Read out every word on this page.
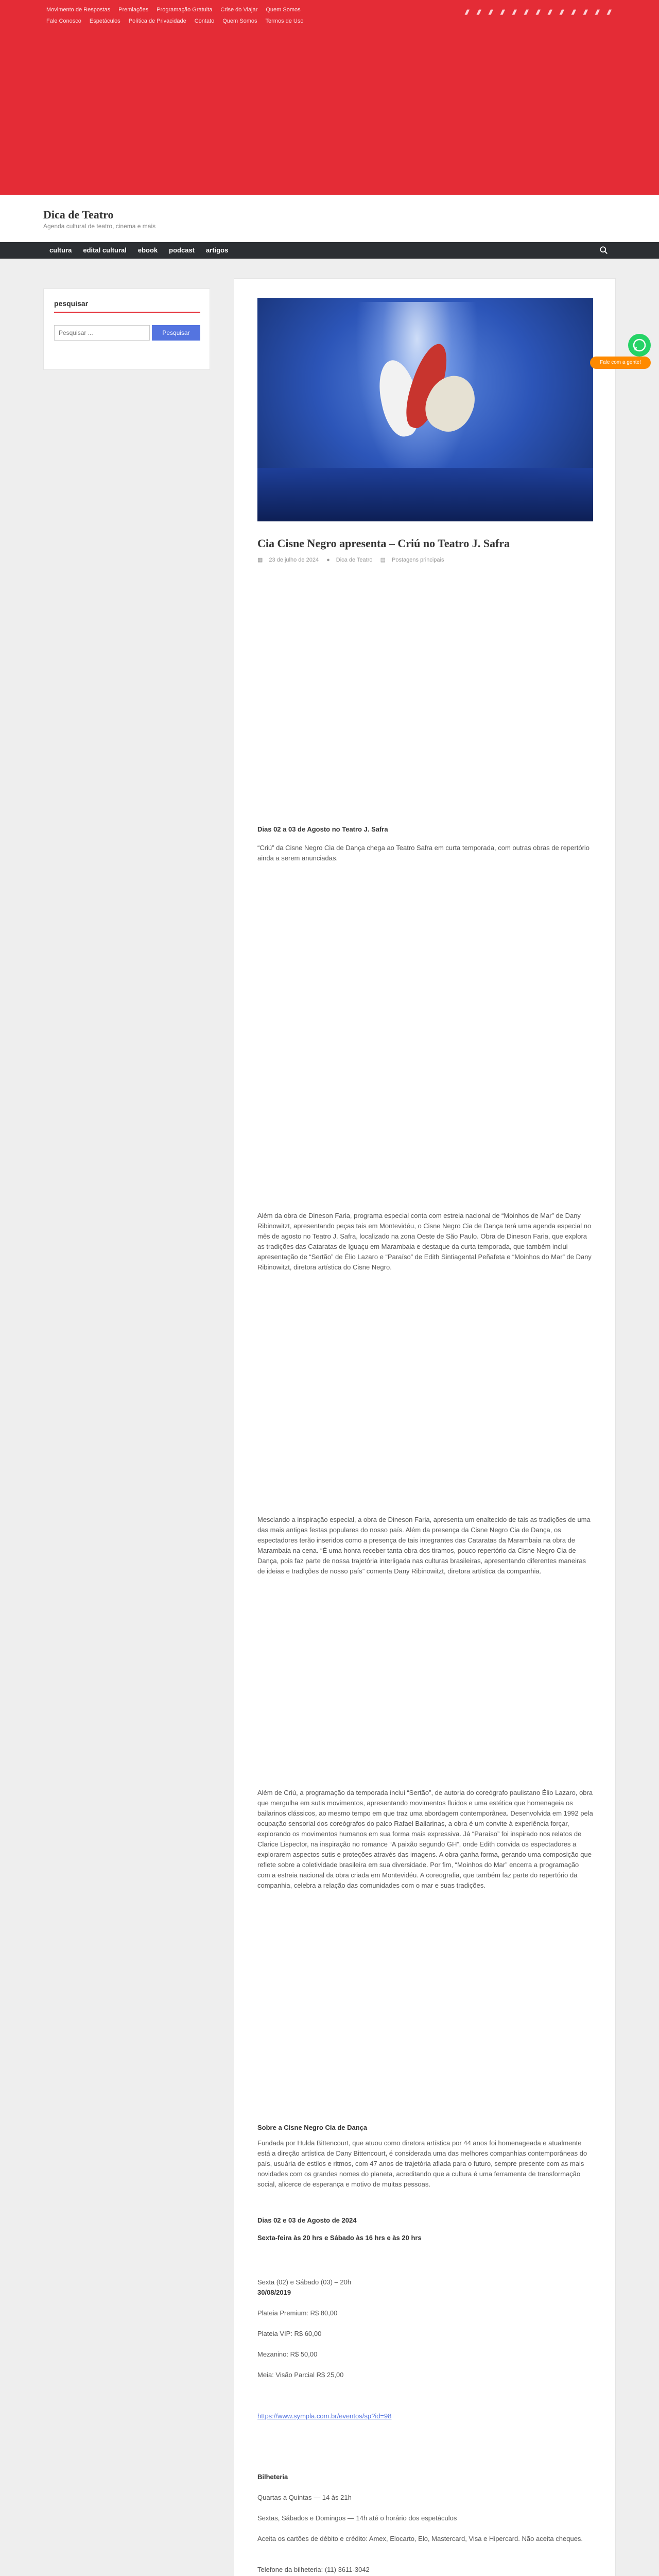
Movimento de Respostas Premiações Programação Gratuita Crise do Viajar Quem SomosFale Conosco Espetáculos Política de Privacidade Contato Quem Somos Termos de Uso
▮ ▮ ▮ ▮ ▮ ▮ ▮ ▮ ▮ ▮ ▮ ▮ ▮
Dica de Teatro
Agenda cultural de teatro, cinema e mais
cultura edital cultural ebook podcast artigos
pesquisar
Pesquisar ...
Pesquisar
Cia Cisne Negro apresenta – Criú no Teatro J. Safra
▦ 23 de julho de 2024 ● Dica de Teatro ▤ Postagens principais

Dias 02 a 03 de Agosto no Teatro J. Safra

“Criú” da Cisne Negro Cia de Dança chega ao Teatro Safra em curta temporada, com outras obras de repertório ainda a serem anunciadas.

Além da obra de Dineson Faria, programa especial conta com estreia nacional de “Moinhos de Mar” de Dany Ribinowitzt, apresentando peças tais em Montevidéu, o Cisne Negro Cia de Dança terá uma agenda especial no mês de agosto no Teatro J. Safra, localizado na zona Oeste de São Paulo. Obra de Dineson Faria, que explora as tradições das Cataratas de Iguaçu em Marambaia e destaque da curta temporada, que também inclui apresentação de “Sertão” de Élio Lazaro e “Paraíso” de Edith Sintiagental Peñafeta e “Moinhos do Mar” de Dany Ribinowitzt, diretora artística do Cisne Negro.

Mesclando a inspiração especial, a obra de Dineson Faria, apresenta um enaltecido de tais as tradições de uma das mais antigas festas populares do nosso país. Além da presença da Cisne Negro Cia de Dança, os espectadores terão inseridos como a presença de tais integrantes das Cataratas da Marambaia na obra de Marambaia na cena. “É uma honra receber tanta obra dos tiramos, pouco repertório da Cisne Negro Cia de Dança, pois faz parte de nossa trajetória interligada nas culturas brasileiras, apresentando diferentes maneiras de ideias e tradições de nosso país” comenta Dany Ribinowitzt, diretora artística da companhia.

Além de Criú, a programação da temporada inclui “Sertão”, de autoria do coreógrafo paulistano Élio Lazaro, obra que mergulha em sutis movimentos, apresentando movimentos fluidos e uma estética que homenageia os bailarinos clássicos, ao mesmo tempo em que traz uma abordagem contemporânea. Desenvolvida em 1992 pela ocupação sensorial dos coreógrafos do palco Rafael Ballarinas, a obra é um convite à experiência forçar, explorando os movimentos humanos em sua forma mais expressiva. Já “Paraíso” foi inspirado nos relatos de Clarice Lispector, na inspiração no romance “A paixão segundo GH”, onde Edith convida os espectadores a explorarem aspectos sutis e proteções através das imagens. A obra ganha forma, gerando uma composição que reflete sobre a coletividade brasileira em sua diversidade. Por fim, “Moinhos do Mar” encerra a programação com a estreia nacional da obra criada em Montevidéu. A coreografia, que também faz parte do repertório da companhia, celebra a relação das comunidades com o mar e suas tradições.

Sobre a Cisne Negro Cia de Dança

Fundada por Hulda Bittencourt, que atuou como diretora artística por 44 anos foi homenageada e atualmente está a direção artística de Dany Bittencourt, é considerada uma das melhores companhias contemporâneas do país, usuária de estilos e ritmos, com 47 anos de trajetória afiada para o futuro, sempre presente com as mais novidades com os grandes nomes do planeta, acreditando que a cultura é uma ferramenta de transformação social, alicerce de esperança e motivo de muitas pessoas.

Dias 02 e 03 de Agosto de 2024

Sexta-feira às 20 hrs e Sábado às 16 hrs e às 20 hrs

Sexta (02) e Sábado (03) – 20h

30/08/2019

Plateia Premium: R$ 80,00

Plateia VIP: R$ 60,00

Mezanino: R$ 50,00

Meia: Visão Parcial R$ 25,00

https://www.sympla.com.br/eventos/sp?id=98

Bilheteria

Quartas a Quintas — 14 às 21h

Sextas, Sábados e Domingos — 14h até o horário dos espetáculos

Aceita os cartões de débito e crédito: Amex, Elocarto, Elo, Mastercard, Visa e Hipercard. Não aceita cheques.

Telefone da bilheteria: (11) 3611-3042

Fale com a gente!
